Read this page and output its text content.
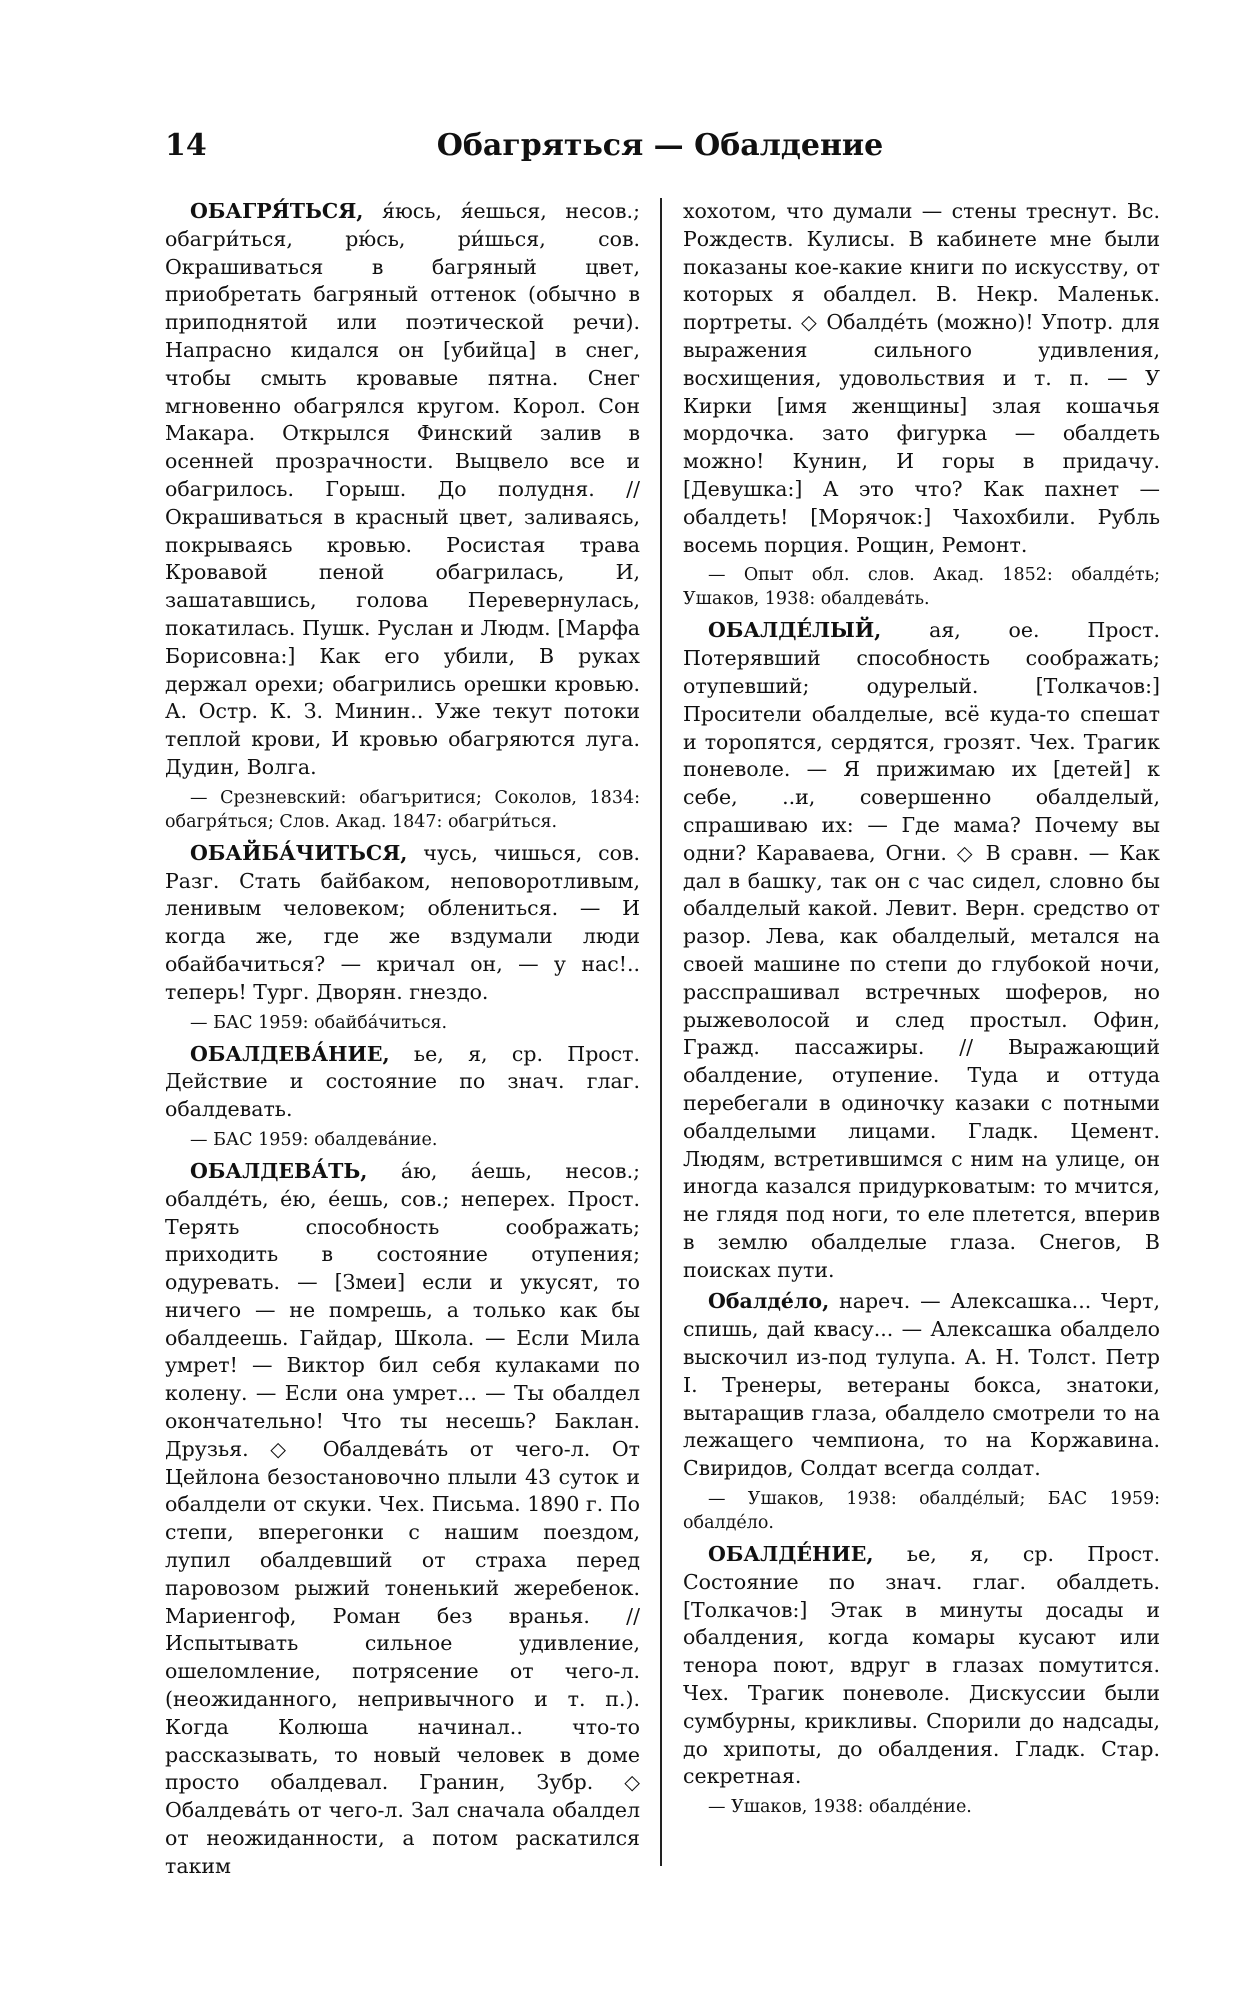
14	Обагряться — Обалдение

ОБАГРЯ́ТЬСЯ, я́юсь, я́ешься, несов.; обагри́ться, рю́сь, ри́шься, сов. Окрашиваться в багряный цвет, приобретать багряный оттенок (обычно в приподнятой или поэтической речи). Напрасно кидался он [убийца] в снег, чтобы смыть кровавые пятна. Снег мгновенно обагрялся кругом. Корол. Сон Макара. Открылся Финский залив в осенней прозрачности. Выцвело все и обагрилось. Горыш. До полудня. // Окрашиваться в красный цвет, заливаясь, покрываясь кровью. Росистая трава Кровавой пеной обагрилась, И, зашатавшись, голова Перевернулась, покатилась. Пушк. Руслан и Людм. [Марфа Борисовна:] Как его убили, В руках держал орехи; обагрились орешки кровью. А. Остр. К. З. Минин.. Уже текут потоки теплой крови, И кровью обагряются луга. Дудин, Волга.

— Срезневский: обагъритися; Соколов, 1834: обагря́ться; Слов. Акад. 1847: обагри́ться.

ОБАЙБА́ЧИТЬСЯ, чусь, чишься, сов. Разг. Стать байбаком, неповоротливым, ленивым человеком; облениться. — И когда же, где же вздумали люди обайбачиться? — кричал он, — у нас!.. теперь! Тург. Дворян. гнездо.

— БАС 1959: обайба́читься.

ОБАЛДЕВА́НИЕ, ье, я, ср. Прост. Действие и состояние по знач. глаг. обалдевать.

— БАС 1959: обалдева́ние.

ОБАЛДЕВА́ТЬ, а́ю, а́ешь, несов.; обалде́ть, е́ю, е́ешь, сов.; неперех. Прост. Терять способность соображать; приходить в состояние отупения; одуревать. — [Змеи] если и укусят, то ничего — не помрешь, а только как бы обалдеешь. Гайдар, Школа. — Если Мила умрет! — Виктор бил себя кулаками по колену. — Если она умрет... — Ты обалдел окончательно! Что ты несешь? Баклан. Друзья. ◇ Обалдева́ть от чего-л. От Цейлона безостановочно плыли 43 суток и обалдели от скуки. Чех. Письма. 1890 г. По степи, вперегонки с нашим поездом, лупил обалдевший от страха перед паровозом рыжий тоненький жеребенок. Мариенгоф, Роман без вранья. // Испытывать сильное удивление, ошеломление, потрясение от чего-л. (неожиданного, непривычного и т. п.). Когда Колюша начинал.. что-то рассказывать, то новый человек в доме просто обалдевал. Гранин, Зубр. ◇ Обалдева́ть от чего-л. Зал сначала обалдел от неожиданности, а потом раскатился таким

хохотом, что думали — стены треснут. Вс. Рождеств. Кулисы. В кабинете мне были показаны кое-какие книги по искусству, от которых я обалдел. В. Некр. Маленьк. портреты. ◇ Обалде́ть (можно)! Употр. для выражения сильного удивления, восхищения, удовольствия и т. п. — У Кирки [имя женщины] злая кошачья мордочка. зато фигурка — обалдеть можно! Кунин, И горы в придачу. [Девушка:] А это что? Как пахнет — обалдеть! [Морячок:] Чахохбили. Рубль восемь порция. Рощин, Ремонт.

— Опыт обл. слов. Акад. 1852: обалде́ть; Ушаков, 1938: обалдева́ть.

ОБАЛДЕ́ЛЫЙ, ая, ое. Прост. Потерявший способность соображать; отупевший; одурелый. [Толкачов:] Просители обалделые, всё куда-то спешат и торопятся, сердятся, грозят. Чех. Трагик поневоле. — Я прижимаю их [детей] к себе, ..и, совершенно обалделый, спрашиваю их: — Где мама? Почему вы одни? Караваева, Огни. ◇ В сравн. — Как дал в башку, так он с час сидел, словно бы обалделый какой. Левит. Верн. средство от разор. Лева, как обалделый, метался на своей машине по степи до глубокой ночи, расспрашивал встречных шоферов, но рыжеволосой и след простыл. Офин, Гражд. пассажиры. // Выражающий обалдение, отупение. Туда и оттуда перебегали в одиночку казаки с потными обалделыми лицами. Гладк. Цемент. Людям, встретившимся с ним на улице, он иногда казался придурковатым: то мчится, не глядя под ноги, то еле плетется, вперив в землю обалделые глаза. Снегов, В поисках пути.

Обалде́ло, нареч. — Алексашка... Черт, спишь, дай квасу... — Алексашка обалдело выскочил из-под тулупа. А. Н. Толст. Петр I. Тренеры, ветераны бокса, знатоки, вытаращив глаза, обалдело смотрели то на лежащего чемпиона, то на Коржавина. Свиридов, Солдат всегда солдат.

— Ушаков, 1938: обалде́лый; БАС 1959: обалде́ло.

ОБАЛДЕ́НИЕ, ье, я, ср. Прост. Состояние по знач. глаг. обалдеть. [Толкачов:] Этак в минуты досады и обалдения, когда комары кусают или тенора поют, вдруг в глазах помутится. Чех. Трагик поневоле. Дискуссии были сумбурны, крикливы. Спорили до надсады, до хрипоты, до обалдения. Гладк. Стар. секретная.

— Ушаков, 1938: обалде́ние.
